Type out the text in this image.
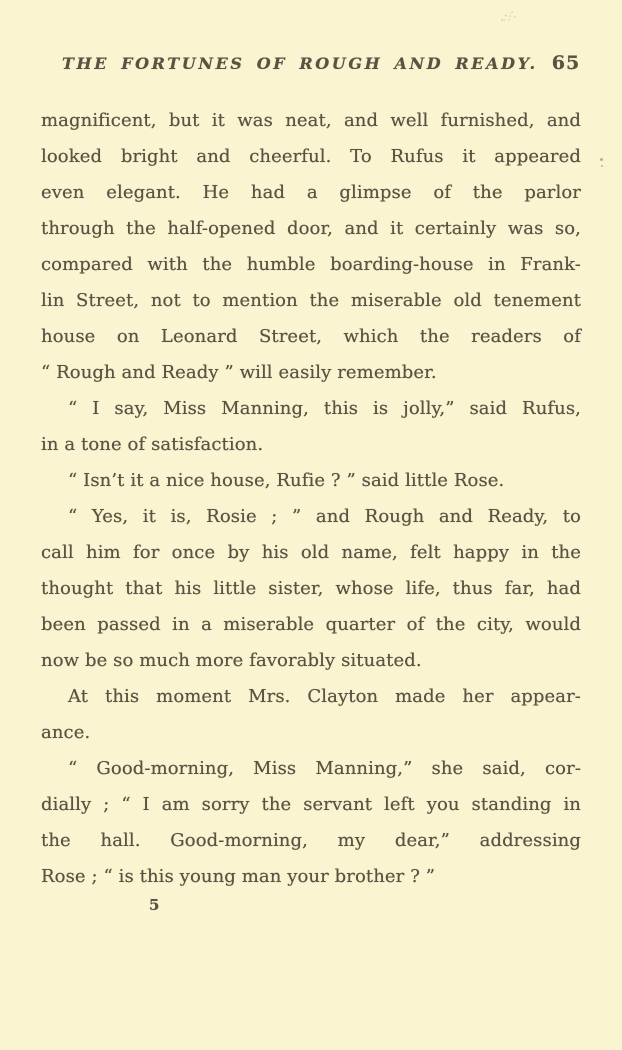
THE FORTUNES OF ROUGH AND READY. 65
magnificent, but it was neat, and well furnished, and
looked bright and cheerful. To Rufus it appeared
even elegant. He had a glimpse of the parlor
through the half-opened door, and it certainly was so,
compared with the humble boarding-house in Frank-
lin Street, not to mention the miserable old tenement
house on Leonard Street, which the readers of
“ Rough and Ready ” will easily remember.
“ I say, Miss Manning, this is jolly,” said Rufus,
in a tone of satisfaction.
“ Isn’t it a nice house, Rufie ? ” said little Rose.
“ Yes, it is, Rosie ; ” and Rough and Ready, to
call him for once by his old name, felt happy in the
thought that his little sister, whose life, thus far, had
been passed in a miserable quarter of the city, would
now be so much more favorably situated.
At this moment Mrs. Clayton made her appear-
ance.
“ Good-morning, Miss Manning,” she said, cor-
dially ; “ I am sorry the servant left you standing in
the hall. Good-morning, my dear,” addressing
Rose ; “ is this young man your brother ? ”
5
